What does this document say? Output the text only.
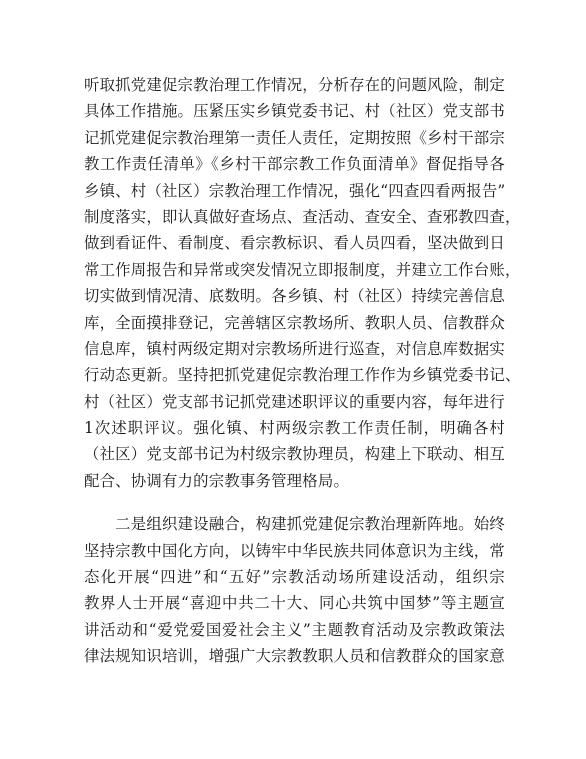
听取抓党建促宗教治理工作情况，分析存在的问题风险，制定
具体工作措施。压紧压实乡镇党委书记、村（社区）党支部书
记抓党建促宗教治理第一责任人责任，定期按照《乡村干部宗
教工作责任清单》《乡村干部宗教工作负面清单》督促指导各
乡镇、村（社区）宗教治理工作情况，强化“四查四看两报告”
制度落实，即认真做好查场点、查活动、查安全、查邪教四查，
做到看证件、看制度、看宗教标识、看人员四看，坚决做到日
常工作周报告和异常或突发情况立即报制度，并建立工作台账，
切实做到情况清、底数明。各乡镇、村（社区）持续完善信息
库，全面摸排登记，完善辖区宗教场所、教职人员、信教群众
信息库，镇村两级定期对宗教场所进行巡查，对信息库数据实
行动态更新。坚持把抓党建促宗教治理工作作为乡镇党委书记、
村（社区）党支部书记抓党建述职评议的重要内容，每年进行
1次述职评议。强化镇、村两级宗教工作责任制，明确各村
（社区）党支部书记为村级宗教协理员，构建上下联动、相互
配合、协调有力的宗教事务管理格局。
　　二是组织建设融合，构建抓党建促宗教治理新阵地。始终
坚持宗教中国化方向，以铸牢中华民族共同体意识为主线，常
态化开展“四进”和“五好”宗教活动场所建设活动，组织宗
教界人士开展“喜迎中共二十大、同心共筑中国梦”等主题宣
讲活动和“爱党爱国爱社会主义”主题教育活动及宗教政策法
律法规知识培训，增强广大宗教教职人员和信教群众的国家意
